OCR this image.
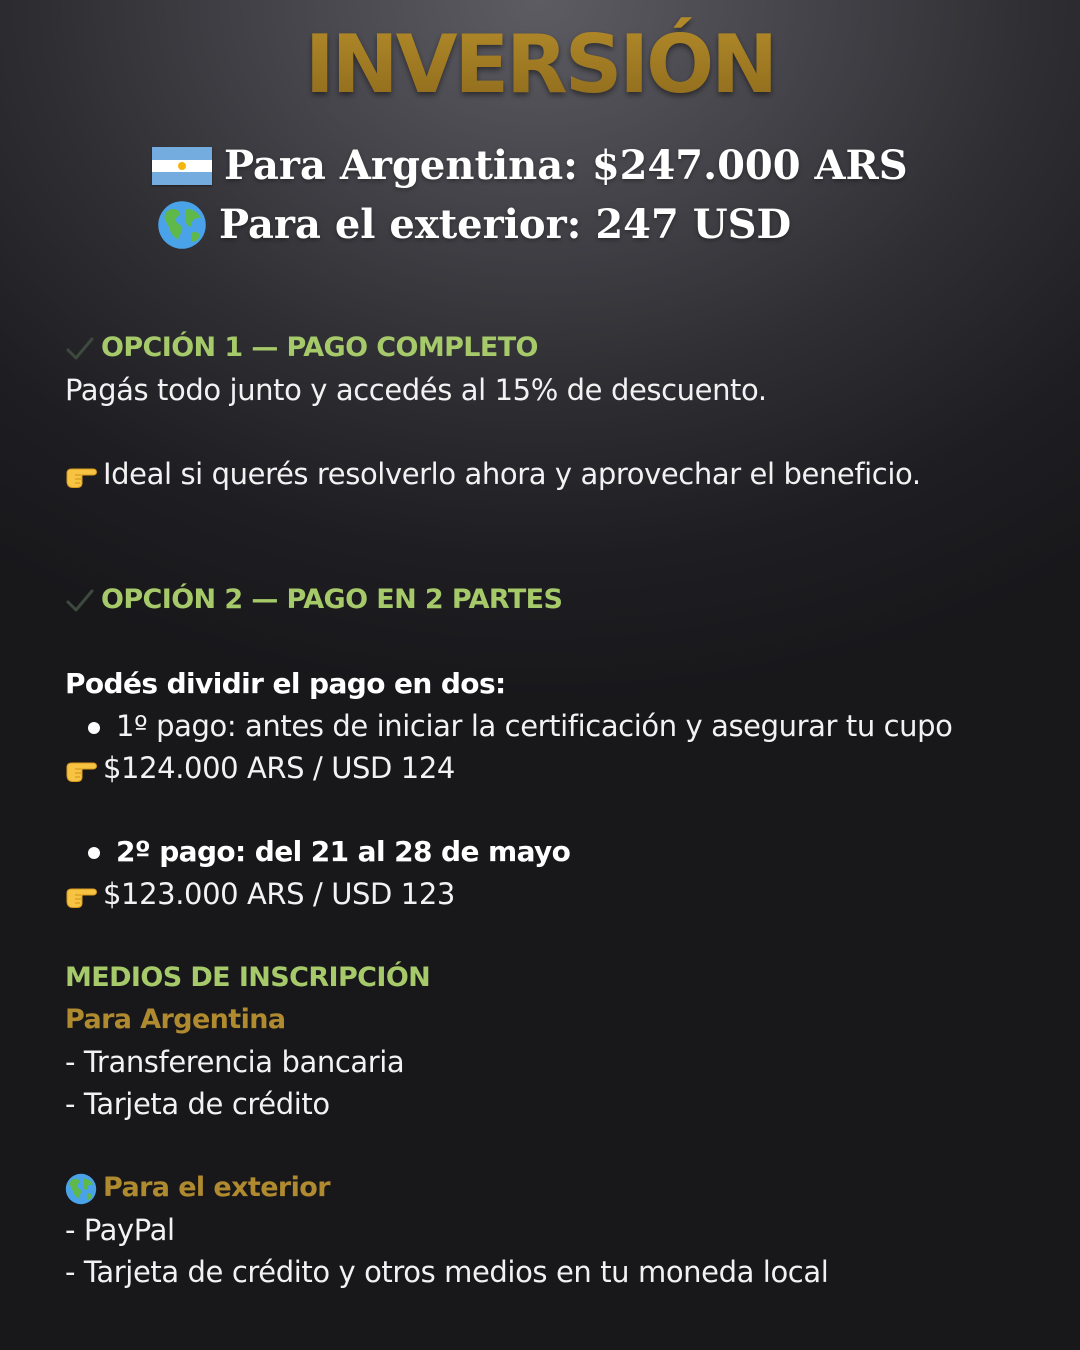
INVERSIÓN
Para Argentina: $247.000 ARS
Para el exterior: 247 USD
OPCIÓN 1 — PAGO COMPLETO
Pagás todo junto y accedés al 15% de descuento.
Ideal si querés resolverlo ahora y aprovechar el beneficio.
OPCIÓN 2 — PAGO EN 2 PARTES
Podés dividir el pago en dos:
1º pago: antes de iniciar la certificación y asegurar tu cupo
$124.000 ARS / USD 124
2º pago: del 21 al 28 de mayo
$123.000 ARS / USD 123
MEDIOS DE INSCRIPCIÓN
Para Argentina
- Transferencia bancaria
- Tarjeta de crédito
Para el exterior
- PayPal
- Tarjeta de crédito y otros medios en tu moneda local
